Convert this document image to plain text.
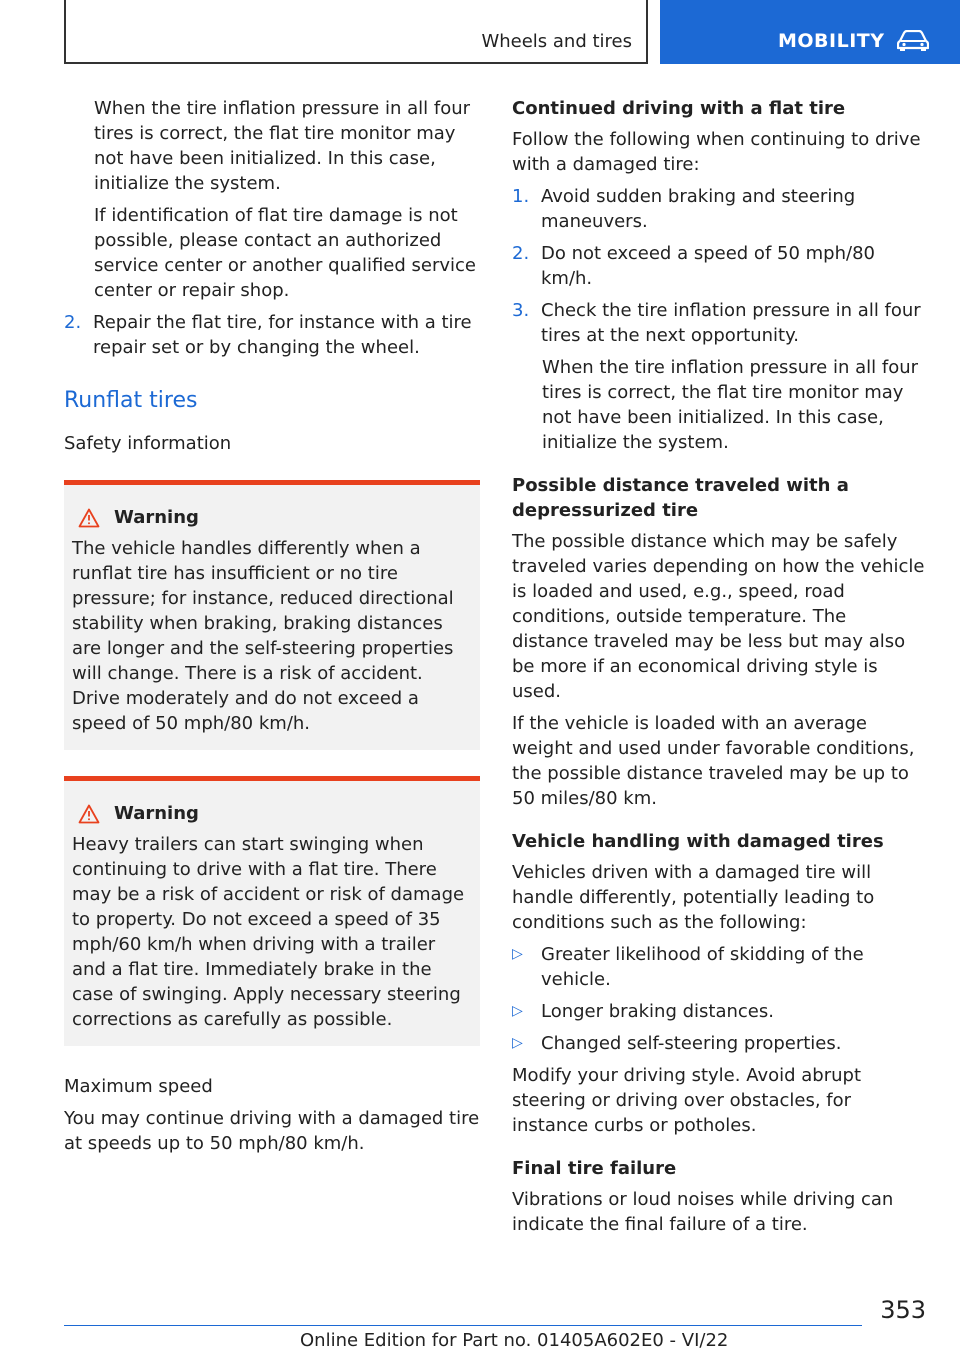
Wheels and tires	MOBILITY

When the tire inflation pressure in all four tires is correct, the flat tire monitor may not have been initialized. In this case, initialize the system.

If identification of flat tire damage is not possible, please contact an authorized service center or another qualified service center or repair shop.

2. Repair the flat tire, for instance with a tire repair set or by changing the wheel.
Runflat tires

Safety information

Warning

The vehicle handles differently when a runflat tire has insufficient or no tire pressure; for instance, reduced directional stability when braking, braking distances are longer and the self-steering properties will change. There is a risk of accident. Drive moderately and do not exceed a speed of 50 mph/80 km/h.

Warning

Heavy trailers can start swinging when continuing to drive with a flat tire. There may be a risk of accident or risk of damage to property. Do not exceed a speed of 35 mph/60 km/h when driving with a trailer and a flat tire. Immediately brake in the case of swinging. Apply necessary steering corrections as carefully as possible.

Maximum speed

You may continue driving with a damaged tire at speeds up to 50 mph/80 km/h.

Continued driving with a flat tire

Follow the following when continuing to drive with a damaged tire:

1. Avoid sudden braking and steering maneuvers.
2. Do not exceed a speed of 50 mph/80 km/h.
3. Check the tire inflation pressure in all four tires at the next opportunity.

When the tire inflation pressure in all four tires is correct, the flat tire monitor may not have been initialized. In this case, initialize the system.

Possible distance traveled with a depressurized tire

The possible distance which may be safely traveled varies depending on how the vehicle is loaded and used, e.g., speed, road conditions, outside temperature. The distance traveled may be less but may also be more if an economical driving style is used.

If the vehicle is loaded with an average weight and used under favorable conditions, the possible distance traveled may be up to 50 miles/80 km.

Vehicle handling with damaged tires

Vehicles driven with a damaged tire will handle differently, potentially leading to conditions such as the following:

▷	Greater likelihood of skidding of the vehicle.
▷	Longer braking distances.
▷	Changed self-steering properties.

Modify your driving style. Avoid abrupt steering or driving over obstacles, for instance curbs or potholes.

Final tire failure

Vibrations or loud noises while driving can indicate the final failure of a tire.

353
Online Edition for Part no. 01405A602E0 - VI/22
